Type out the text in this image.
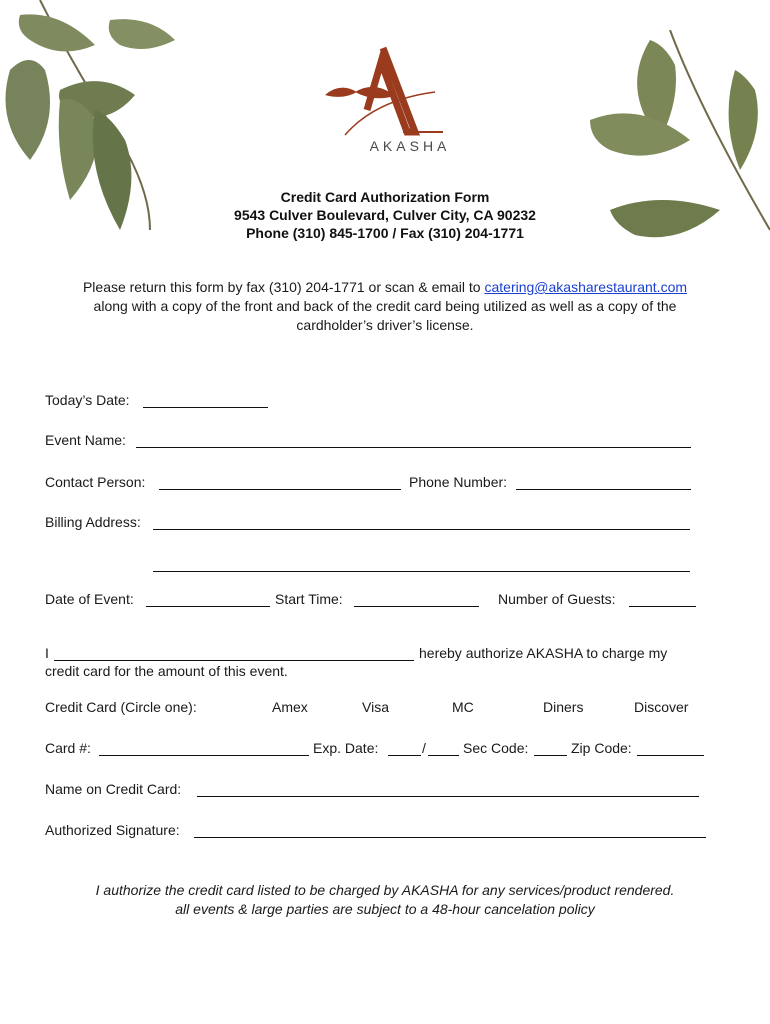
AKASHA
Credit Card Authorization Form
9543 Culver Boulevard, Culver City, CA 90232
Phone (310) 845-1700 / Fax (310) 204-1771
Please return this form by fax (310) 204-1771 or scan & email to catering@akasharestaurant.com
along with a copy of the front and back of the credit card being utilized as well as a copy of the
cardholder’s driver’s license.
Today’s Date:
Event Name:
Contact Person:	Phone Number:
Billing Address:
Date of Event:	Start Time:	Number of Guests:
I	hereby authorize AKASHA to charge my
credit card for the amount of this event.
Credit Card (Circle one):	Amex	Visa	MC	Diners	Discover
Card #:	Exp. Date:	/	Sec Code:	Zip Code:
Name on Credit Card:
Authorized Signature:
I authorize the credit card listed to be charged by AKASHA for any services/product rendered.
all events & large parties are subject to a 48-hour cancelation policy
